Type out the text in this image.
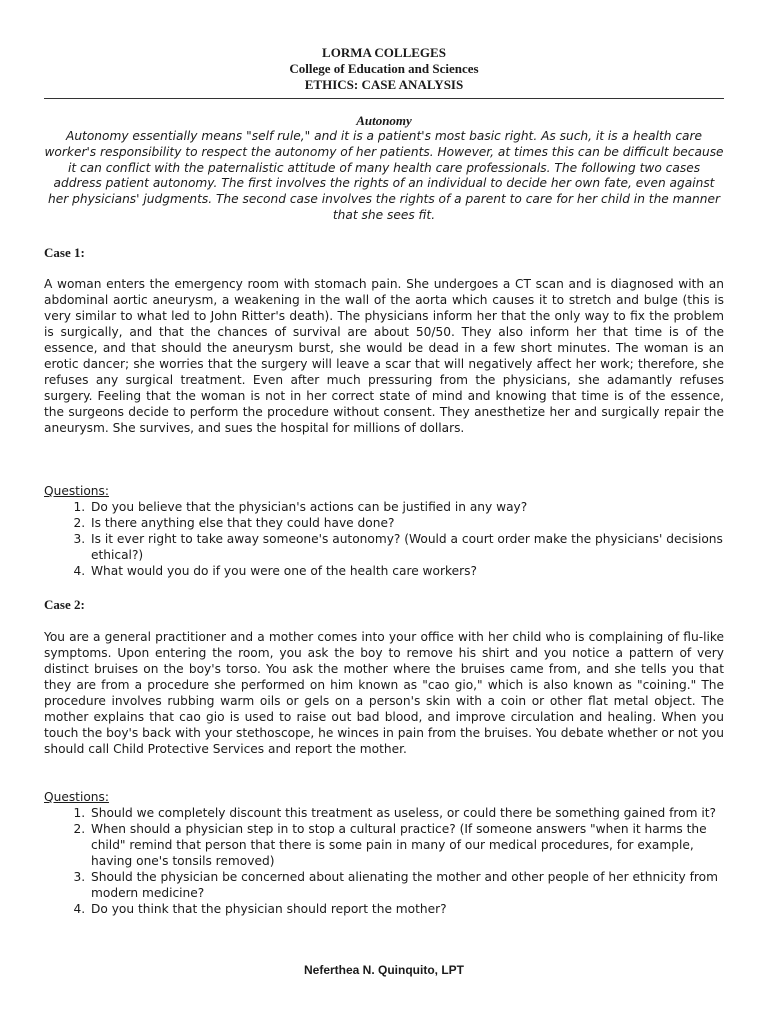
LORMA COLLEGES
College of Education and Sciences
ETHICS: CASE ANALYSIS
Autonomy

Autonomy essentially means "self rule," and it is a patient's most basic right. As such, it is a health care worker's responsibility to respect the autonomy of her patients. However, at times this can be difficult because it can conflict with the paternalistic attitude of many health care professionals. The following two cases address patient autonomy. The first involves the rights of an individual to decide her own fate, even against her physicians' judgments. The second case involves the rights of a parent to care for her child in the manner that she sees fit.

Case 1:

A woman enters the emergency room with stomach pain. She undergoes a CT scan and is diagnosed with an abdominal aortic aneurysm, a weakening in the wall of the aorta which causes it to stretch and bulge (this is very similar to what led to John Ritter's death). The physicians inform her that the only way to fix the problem is surgically, and that the chances of survival are about 50/50. They also inform her that time is of the essence, and that should the aneurysm burst, she would be dead in a few short minutes. The woman is an erotic dancer; she worries that the surgery will leave a scar that will negatively affect her work; therefore, she refuses any surgical treatment. Even after much pressuring from the physicians, she adamantly refuses surgery. Feeling that the woman is not in her correct state of mind and knowing that time is of the essence, the surgeons decide to perform the procedure without consent. They anesthetize her and surgically repair the aneurysm. She survives, and sues the hospital for millions of dollars.

Questions:

1. Do you believe that the physician's actions can be justified in any way?
2. Is there anything else that they could have done?
3. Is it ever right to take away someone's autonomy? (Would a court order make the physicians' decisions ethical?)
4. What would you do if you were one of the health care workers?
Case 2:

You are a general practitioner and a mother comes into your office with her child who is complaining of flu-like symptoms. Upon entering the room, you ask the boy to remove his shirt and you notice a pattern of very distinct bruises on the boy's torso. You ask the mother where the bruises came from, and she tells you that they are from a procedure she performed on him known as "cao gio," which is also known as "coining." The procedure involves rubbing warm oils or gels on a person's skin with a coin or other flat metal object. The mother explains that cao gio is used to raise out bad blood, and improve circulation and healing. When you touch the boy's back with your stethoscope, he winces in pain from the bruises. You debate whether or not you should call Child Protective Services and report the mother.

Questions:

1. Should we completely discount this treatment as useless, or could there be something gained from it?
2. When should a physician step in to stop a cultural practice? (If someone answers "when it harms the child" remind that person that there is some pain in many of our medical procedures, for example, having one's tonsils removed)
3. Should the physician be concerned about alienating the mother and other people of her ethnicity from modern medicine?
4. Do you think that the physician should report the mother?
Neferthea N. Quinquito, LPT
